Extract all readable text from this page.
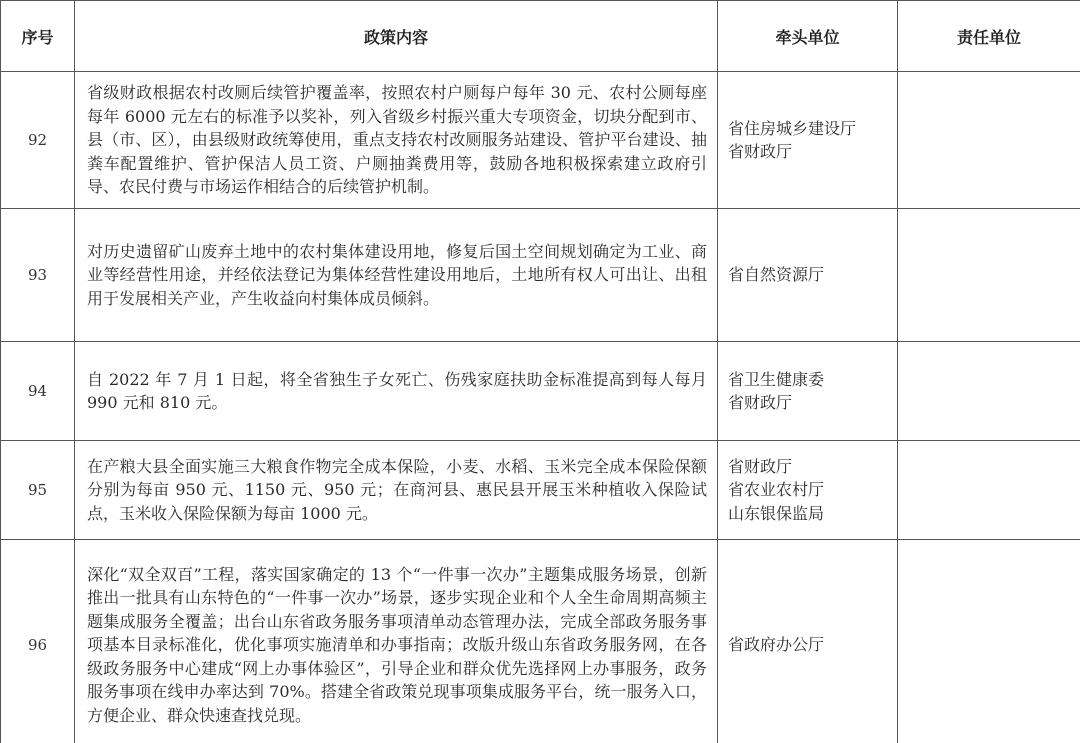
序号	政策内容	牵头单位	责任单位
92	省级财政根据农村改厕后续管护覆盖率，按照农村户厕每户每年 30 元、农村公厕每座每年 6000 元左右的标准予以奖补，列入省级乡村振兴重大专项资金，切块分配到市、县（市、区），由县级财政统筹使用，重点支持农村改厕服务站建设、管护平台建设、抽粪车配置维护、管护保洁人员工资、户厕抽粪费用等，鼓励各地积极探索建立政府引导、农民付费与市场运作相结合的后续管护机制。	省住房城乡建设厅
省财政厅	

93	对历史遗留矿山废弃土地中的农村集体建设用地，修复后国土空间规划确定为工业、商业等经营性用途，并经依法登记为集体经营性建设用地后，土地所有权人可出让、出租用于发展相关产业，产生收益向村集体成员倾斜。	省自然资源厅	

94	自 2022 年 7 月 1 日起，将全省独生子女死亡、伤残家庭扶助金标准提高到每人每月 990 元和 810 元。	省卫生健康委
省财政厅	

95	在产粮大县全面实施三大粮食作物完全成本保险，小麦、水稻、玉米完全成本保险保额分别为每亩 950 元、1150 元、950 元；在商河县、惠民县开展玉米种植收入保险试点，玉米收入保险保额为每亩 1000 元。	省财政厅
省农业农村厅
山东银保监局	

96	深化“双全双百”工程，落实国家确定的 13 个“一件事一次办”主题集成服务场景，创新推出一批具有山东特色的“一件事一次办”场景，逐步实现企业和个人全生命周期高频主题集成服务全覆盖；出台山东省政务服务事项清单动态管理办法，完成全部政务服务事项基本目录标准化，优化事项实施清单和办事指南；改版升级山东省政务服务网，在各级政务服务中心建成“网上办事体验区”，引导企业和群众优先选择网上办事服务，政务服务事项在线申办率达到 70%。搭建全省政策兑现事项集成服务平台，统一服务入口，方便企业、群众快速查找兑现。	省政府办公厅	
